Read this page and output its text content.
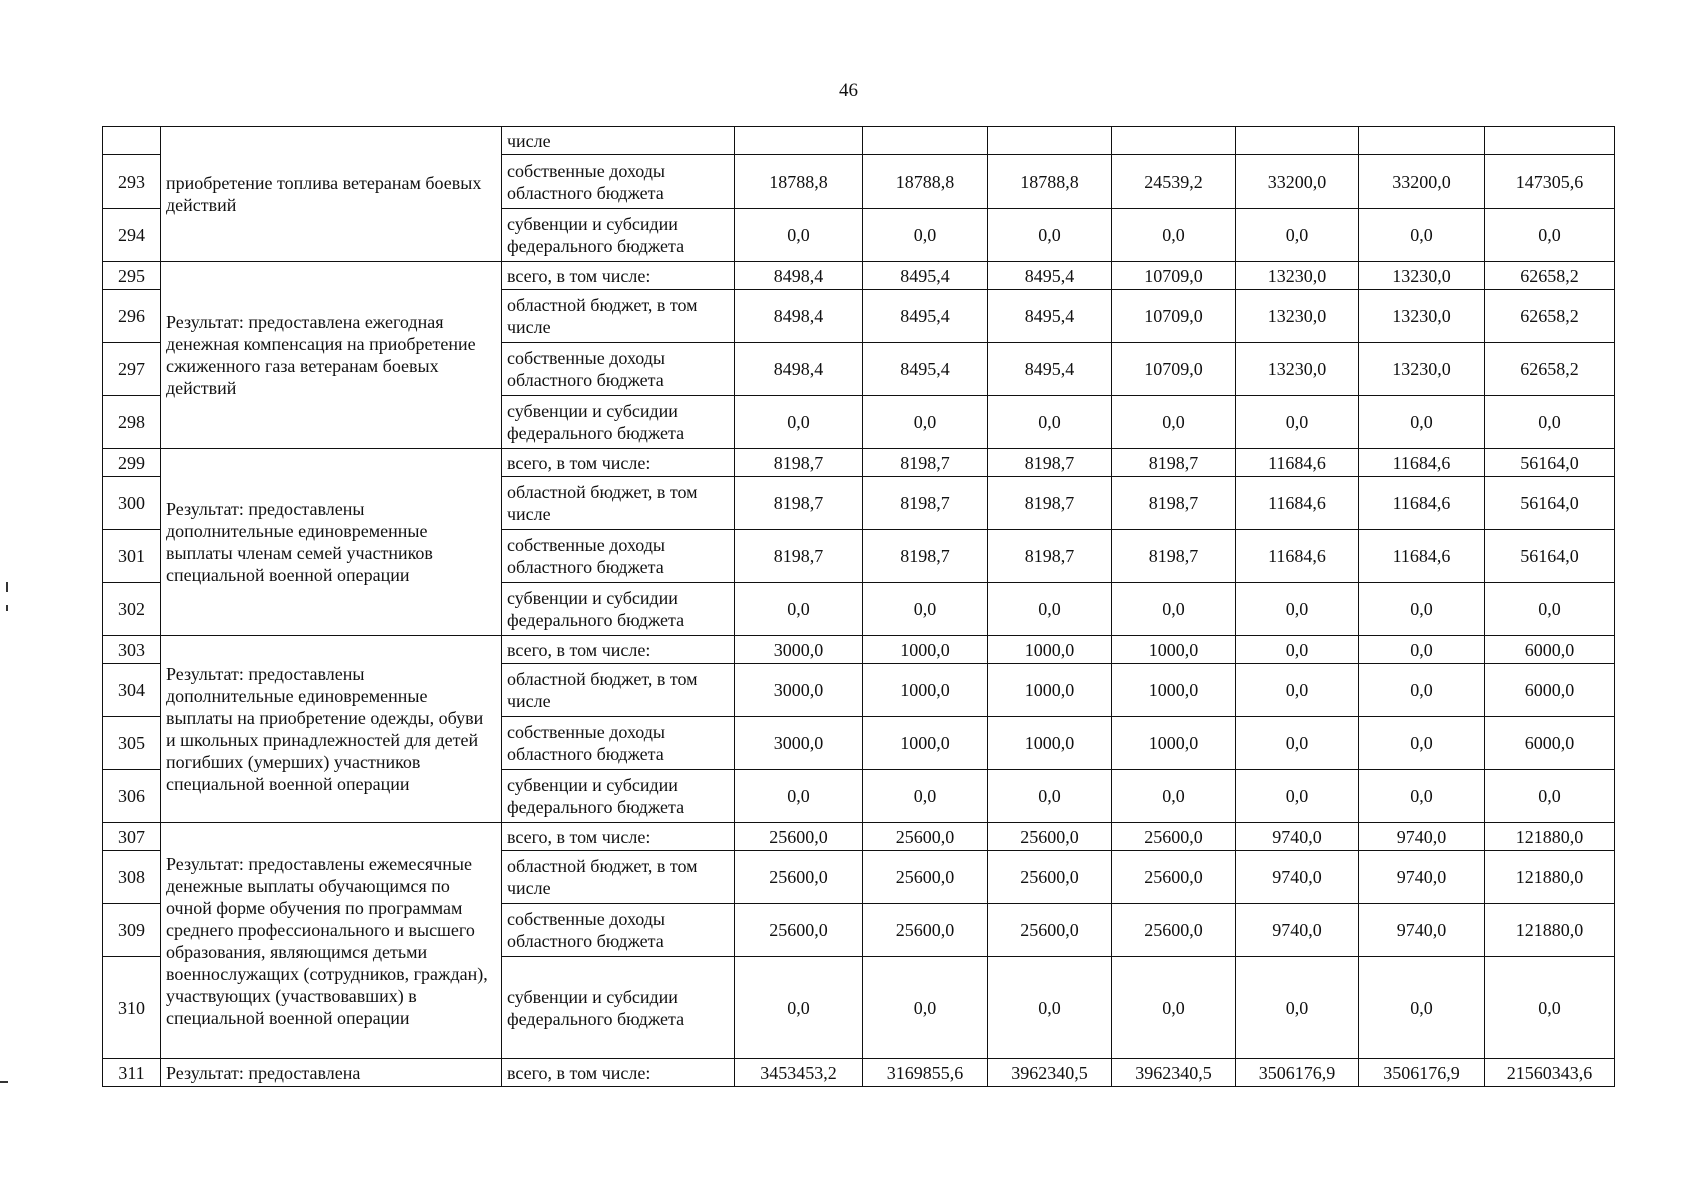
46
	приобретение топлива ветеранам боевых действий	числе							
293		собственные доходы областного бюджета	18788,8	18788,8	18788,8	24539,2	33200,0	33200,0	147305,6
294		субвенции и субсидии федерального бюджета	0,0	0,0	0,0	0,0	0,0	0,0	0,0
295	Результат: предоставлена ежегодная денежная компенсация на приобретение сжиженного газа ветеранам боевых действий	всего, в том числе:	8498,4	8495,4	8495,4	10709,0	13230,0	13230,0	62658,2
296		областной бюджет, в том числе	8498,4	8495,4	8495,4	10709,0	13230,0	13230,0	62658,2
297		собственные доходы областного бюджета	8498,4	8495,4	8495,4	10709,0	13230,0	13230,0	62658,2
298		субвенции и субсидии федерального бюджета	0,0	0,0	0,0	0,0	0,0	0,0	0,0
299	Результат: предоставлены дополнительные единовременные выплаты членам семей участников специальной военной операции	всего, в том числе:	8198,7	8198,7	8198,7	8198,7	11684,6	11684,6	56164,0
300		областной бюджет, в том числе	8198,7	8198,7	8198,7	8198,7	11684,6	11684,6	56164,0
301		собственные доходы областного бюджета	8198,7	8198,7	8198,7	8198,7	11684,6	11684,6	56164,0
302		субвенции и субсидии федерального бюджета	0,0	0,0	0,0	0,0	0,0	0,0	0,0
303	Результат: предоставлены дополнительные единовременные выплаты на приобретение одежды, обуви и школьных принадлежностей для детей погибших (умерших) участников специальной военной операции	всего, в том числе:	3000,0	1000,0	1000,0	1000,0	0,0	0,0	6000,0
304		областной бюджет, в том числе	3000,0	1000,0	1000,0	1000,0	0,0	0,0	6000,0
305		собственные доходы областного бюджета	3000,0	1000,0	1000,0	1000,0	0,0	0,0	6000,0
306		субвенции и субсидии федерального бюджета	0,0	0,0	0,0	0,0	0,0	0,0	0,0
307	Результат: предоставлены ежемесячные денежные выплаты обучающимся по очной форме обучения по программам среднего профессионального и высшего образования, являющимся детьми военнослужащих (сотрудников, граждан), участвующих (участвовавших) в специальной военной операции	всего, в том числе:	25600,0	25600,0	25600,0	25600,0	9740,0	9740,0	121880,0
308		областной бюджет, в том числе	25600,0	25600,0	25600,0	25600,0	9740,0	9740,0	121880,0
309		собственные доходы областного бюджета	25600,0	25600,0	25600,0	25600,0	9740,0	9740,0	121880,0
310		субвенции и субсидии федерального бюджета	0,0	0,0	0,0	0,0	0,0	0,0	0,0
311	Результат: предоставлена	всего, в том числе:	3453453,2	3169855,6	3962340,5	3962340,5	3506176,9	3506176,9	21560343,6
